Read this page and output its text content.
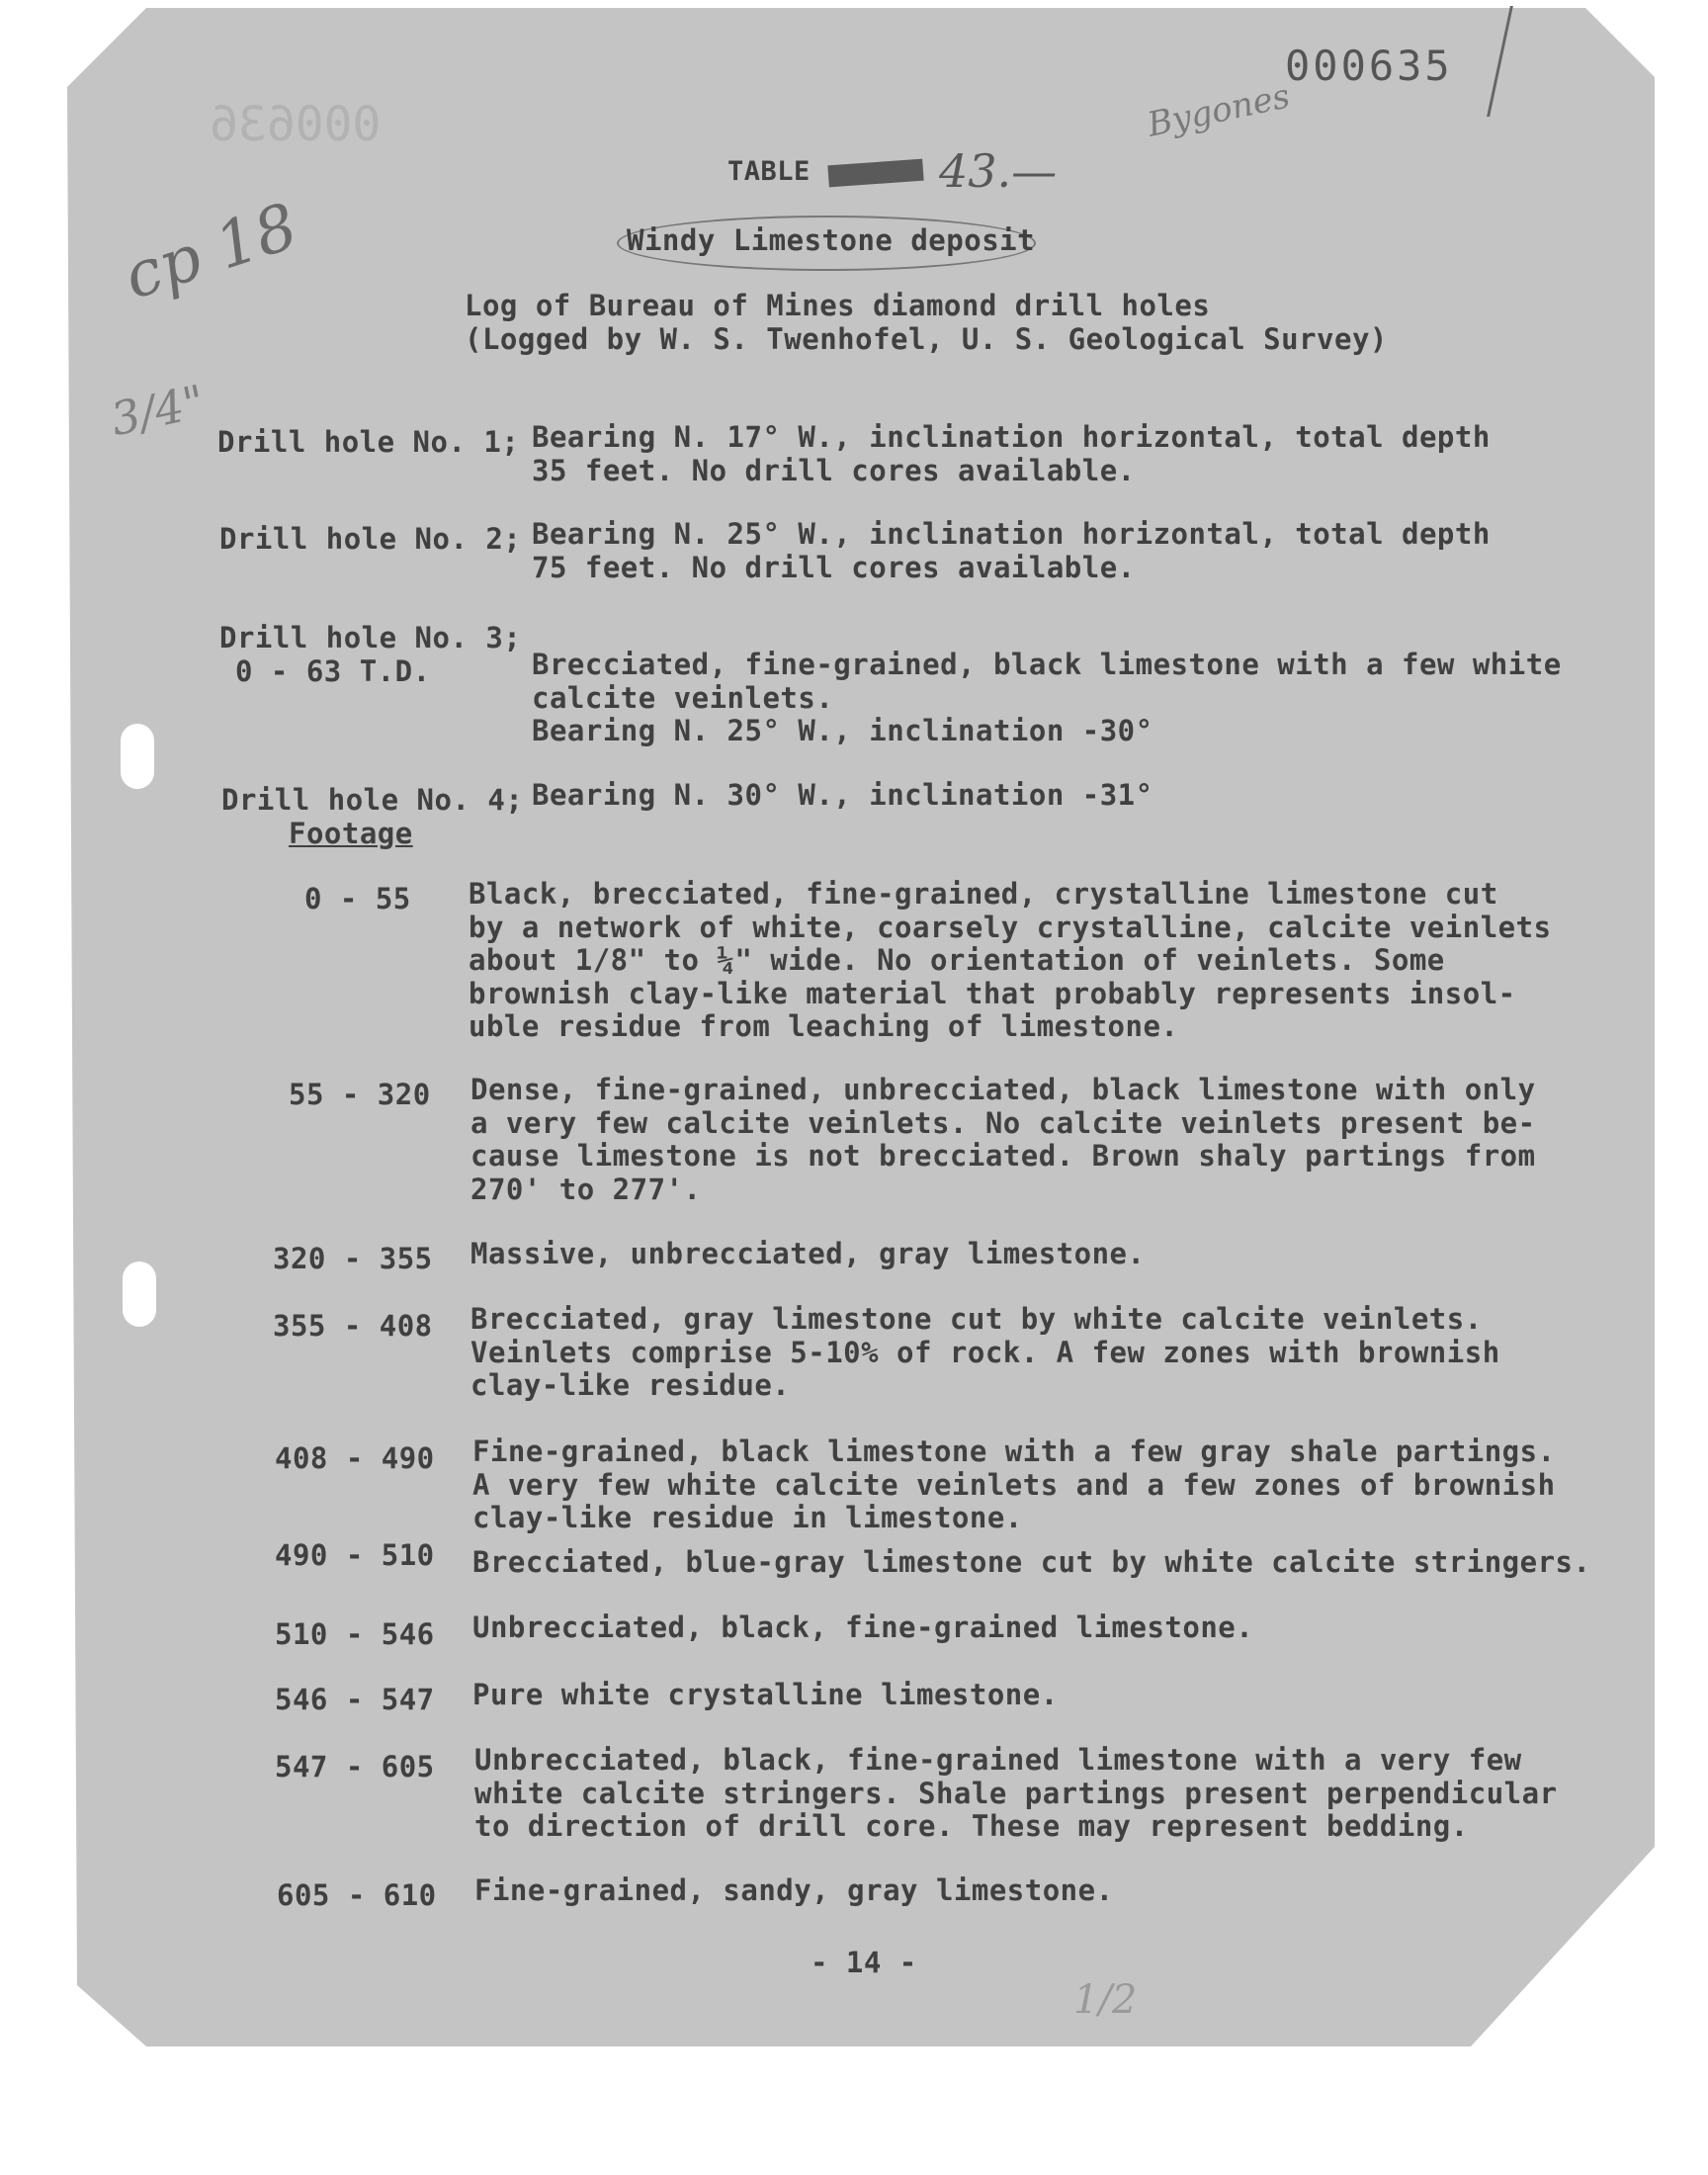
000636
000635
Bygones
cp 18
3/4"
TABLE	43.—
Windy Limestone deposit
Log of Bureau of Mines diamond drill holes
(Logged by W. S. Twenhofel, U. S. Geological Survey)
Drill hole No. 1; Bearing N. 17° W., inclination horizontal, total depth
35 feet. No drill cores available.
Drill hole No. 2; Bearing N. 25° W., inclination horizontal, total depth
75 feet. No drill cores available.
Drill hole No. 3;
0 - 63 T.D.	Brecciated, fine-grained, black limestone with a few white
calcite veinlets.
Bearing N. 25° W., inclination -30°
Drill hole No. 4;
Footage
Bearing N. 30° W., inclination -31°
0 - 55 Black, brecciated, fine-grained, crystalline limestone cut
by a network of white, coarsely crystalline, calcite veinlets
about 1/8" to ¼" wide. No orientation of veinlets. Some
brownish clay-like material that probably represents insol-
uble residue from leaching of limestone.
55 - 320 Dense, fine-grained, unbrecciated, black limestone with only
a very few calcite veinlets. No calcite veinlets present be-
cause limestone is not brecciated. Brown shaly partings from
270' to 277'.
320 - 355 Massive, unbrecciated, gray limestone.
355 - 408 Brecciated, gray limestone cut by white calcite veinlets.
Veinlets comprise 5-10% of rock. A few zones with brownish
clay-like residue.
408 - 490 Fine-grained, black limestone with a few gray shale partings.
A very few white calcite veinlets and a few zones of brownish
clay-like residue in limestone.
490 - 510 Brecciated, blue-gray limestone cut by white calcite stringers.
510 - 546 Unbrecciated, black, fine-grained limestone.
546 - 547 Pure white crystalline limestone.
547 - 605 Unbrecciated, black, fine-grained limestone with a very few
white calcite stringers. Shale partings present perpendicular
to direction of drill core. These may represent bedding.
605 - 610 Fine-grained, sandy, gray limestone.
- 14 -
1/2
